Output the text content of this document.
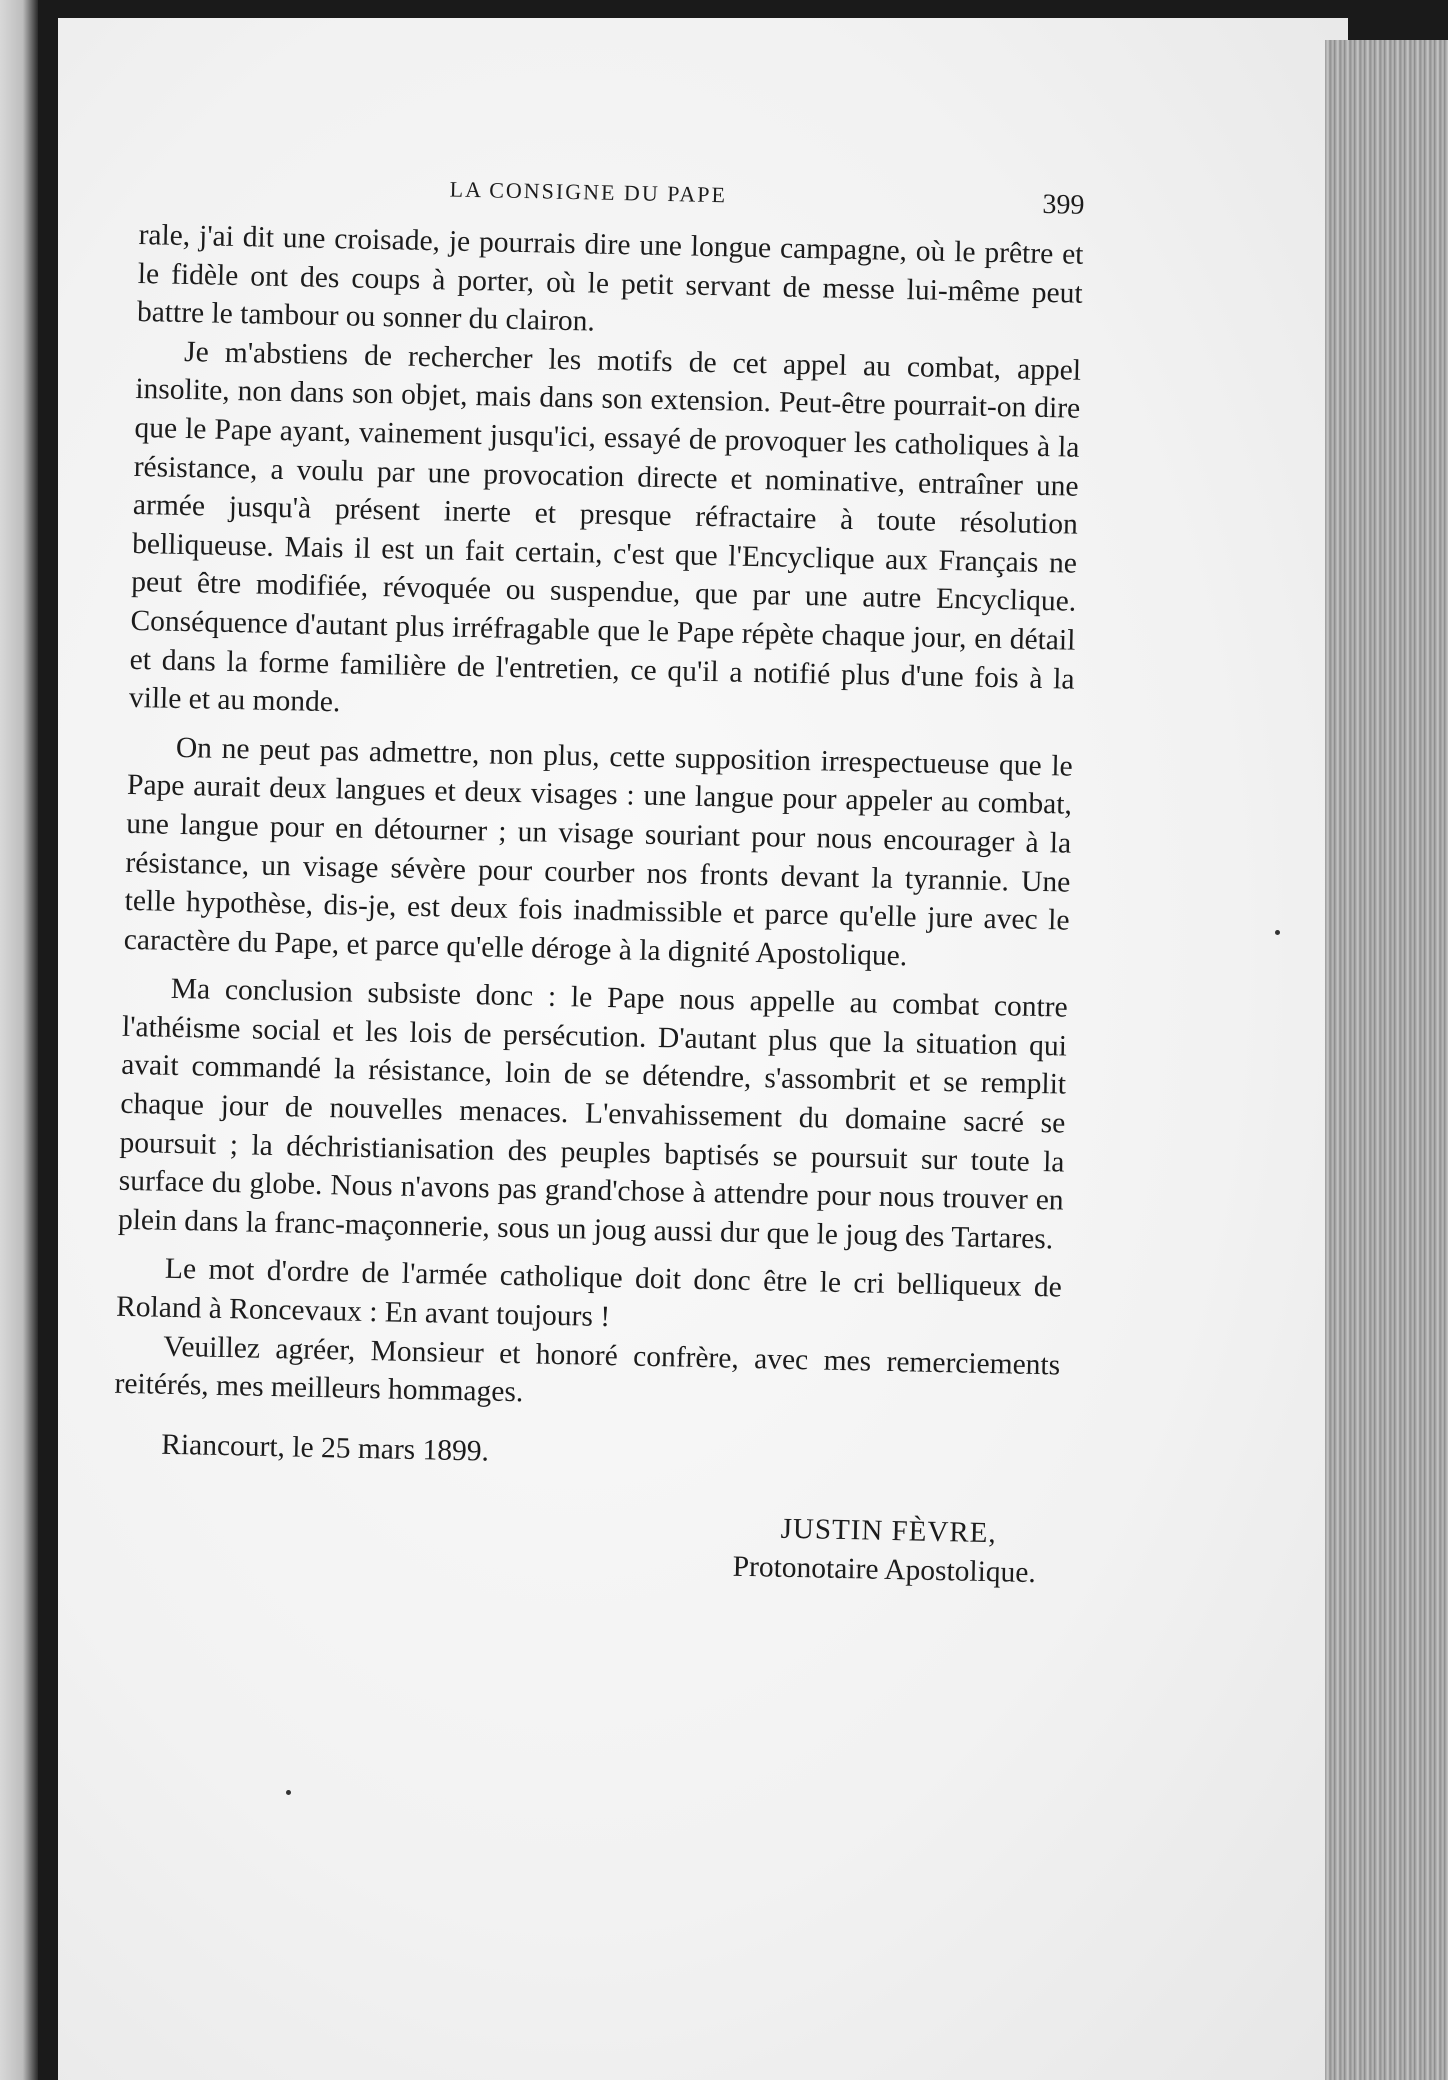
LA CONSIGNE DU PAPE	399

rale, j'ai dit une croisade, je pourrais dire une longue campagne, où le prêtre et le fidèle ont des coups à porter, où le petit servant de messe lui-même peut battre le tambour ou sonner du clairon.

Je m'abstiens de rechercher les motifs de cet appel au combat, appel insolite, non dans son objet, mais dans son extension. Peut-être pourrait-on dire que le Pape ayant, vainement jusqu'ici, essayé de provoquer les catholiques à la résistance, a voulu par une provocation directe et nominative, entraîner une armée jusqu'à présent inerte et presque réfractaire à toute résolution belliqueuse. Mais il est un fait certain, c'est que l'Encyclique aux Français ne peut être modifiée, révoquée ou suspendue, que par une autre Encyclique. Conséquence d'autant plus irréfragable que le Pape répète chaque jour, en détail et dans la forme familière de l'entretien, ce qu'il a notifié plus d'une fois à la ville et au monde.

On ne peut pas admettre, non plus, cette supposition irrespectueuse que le Pape aurait deux langues et deux visages : une langue pour appeler au combat, une langue pour en détourner ; un visage souriant pour nous encourager à la résistance, un visage sévère pour courber nos fronts devant la tyrannie. Une telle hypothèse, dis-je, est deux fois inadmissible et parce qu'elle jure avec le caractère du Pape, et parce qu'elle déroge à la dignité Apostolique.

Ma conclusion subsiste donc : le Pape nous appelle au combat contre l'athéisme social et les lois de persécution. D'autant plus que la situation qui avait commandé la résistance, loin de se détendre, s'assombrit et se remplit chaque jour de nouvelles menaces. L'envahissement du domaine sacré se poursuit ; la déchristianisation des peuples baptisés se poursuit sur toute la surface du globe. Nous n'avons pas grand'chose à attendre pour nous trouver en plein dans la franc-maçonnerie, sous un joug aussi dur que le joug des Tartares.

Le mot d'ordre de l'armée catholique doit donc être le cri belliqueux de Roland à Roncevaux : En avant toujours !

Veuillez agréer, Monsieur et honoré confrère, avec mes remerciements reitérés, mes meilleurs hommages.

Riancourt, le 25 mars 1899.
JUSTIN FÈVRE,
Protonotaire Apostolique.
